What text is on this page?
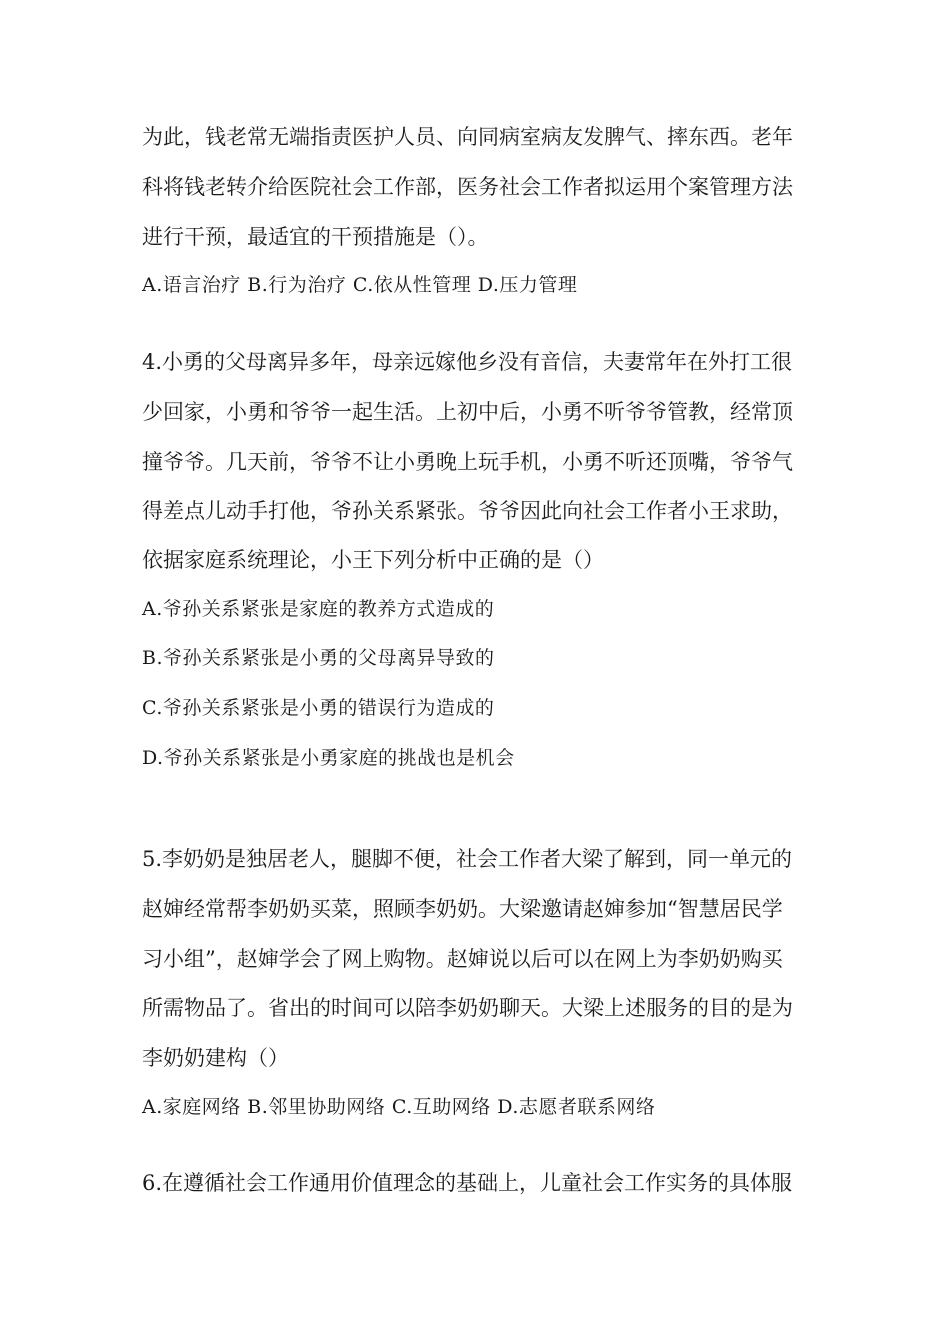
为此，钱老常无端指责医护人员、向同病室病友发脾气、摔东西。老年
科将钱老转介给医院社会工作部，医务社会工作者拟运用个案管理方法
进行干预，最适宜的干预措施是（）。
A.语言治疗 B.行为治疗 C.依从性管理 D.压力管理
4.小勇的父母离异多年，母亲远嫁他乡没有音信，夫妻常年在外打工很
少回家，小勇和爷爷一起生活。上初中后，小勇不听爷爷管教，经常顶
撞爷爷。几天前，爷爷不让小勇晚上玩手机，小勇不听还顶嘴，爷爷气
得差点儿动手打他，爷孙关系紧张。爷爷因此向社会工作者小王求助，
依据家庭系统理论，小王下列分析中正确的是（）
A.爷孙关系紧张是家庭的教养方式造成的
B.爷孙关系紧张是小勇的父母离异导致的
C.爷孙关系紧张是小勇的错误行为造成的
D.爷孙关系紧张是小勇家庭的挑战也是机会
5.李奶奶是独居老人，腿脚不便，社会工作者大梁了解到，同一单元的
赵婶经常帮李奶奶买菜，照顾李奶奶。大梁邀请赵婶参加“智慧居民学
习小组”，赵婶学会了网上购物。赵婶说以后可以在网上为李奶奶购买
所需物品了。省出的时间可以陪李奶奶聊天。大梁上述服务的目的是为
李奶奶建构（）
A.家庭网络 B.邻里协助网络 C.互助网络 D.志愿者联系网络
6.在遵循社会工作通用价值理念的基础上，儿童社会工作实务的具体服
